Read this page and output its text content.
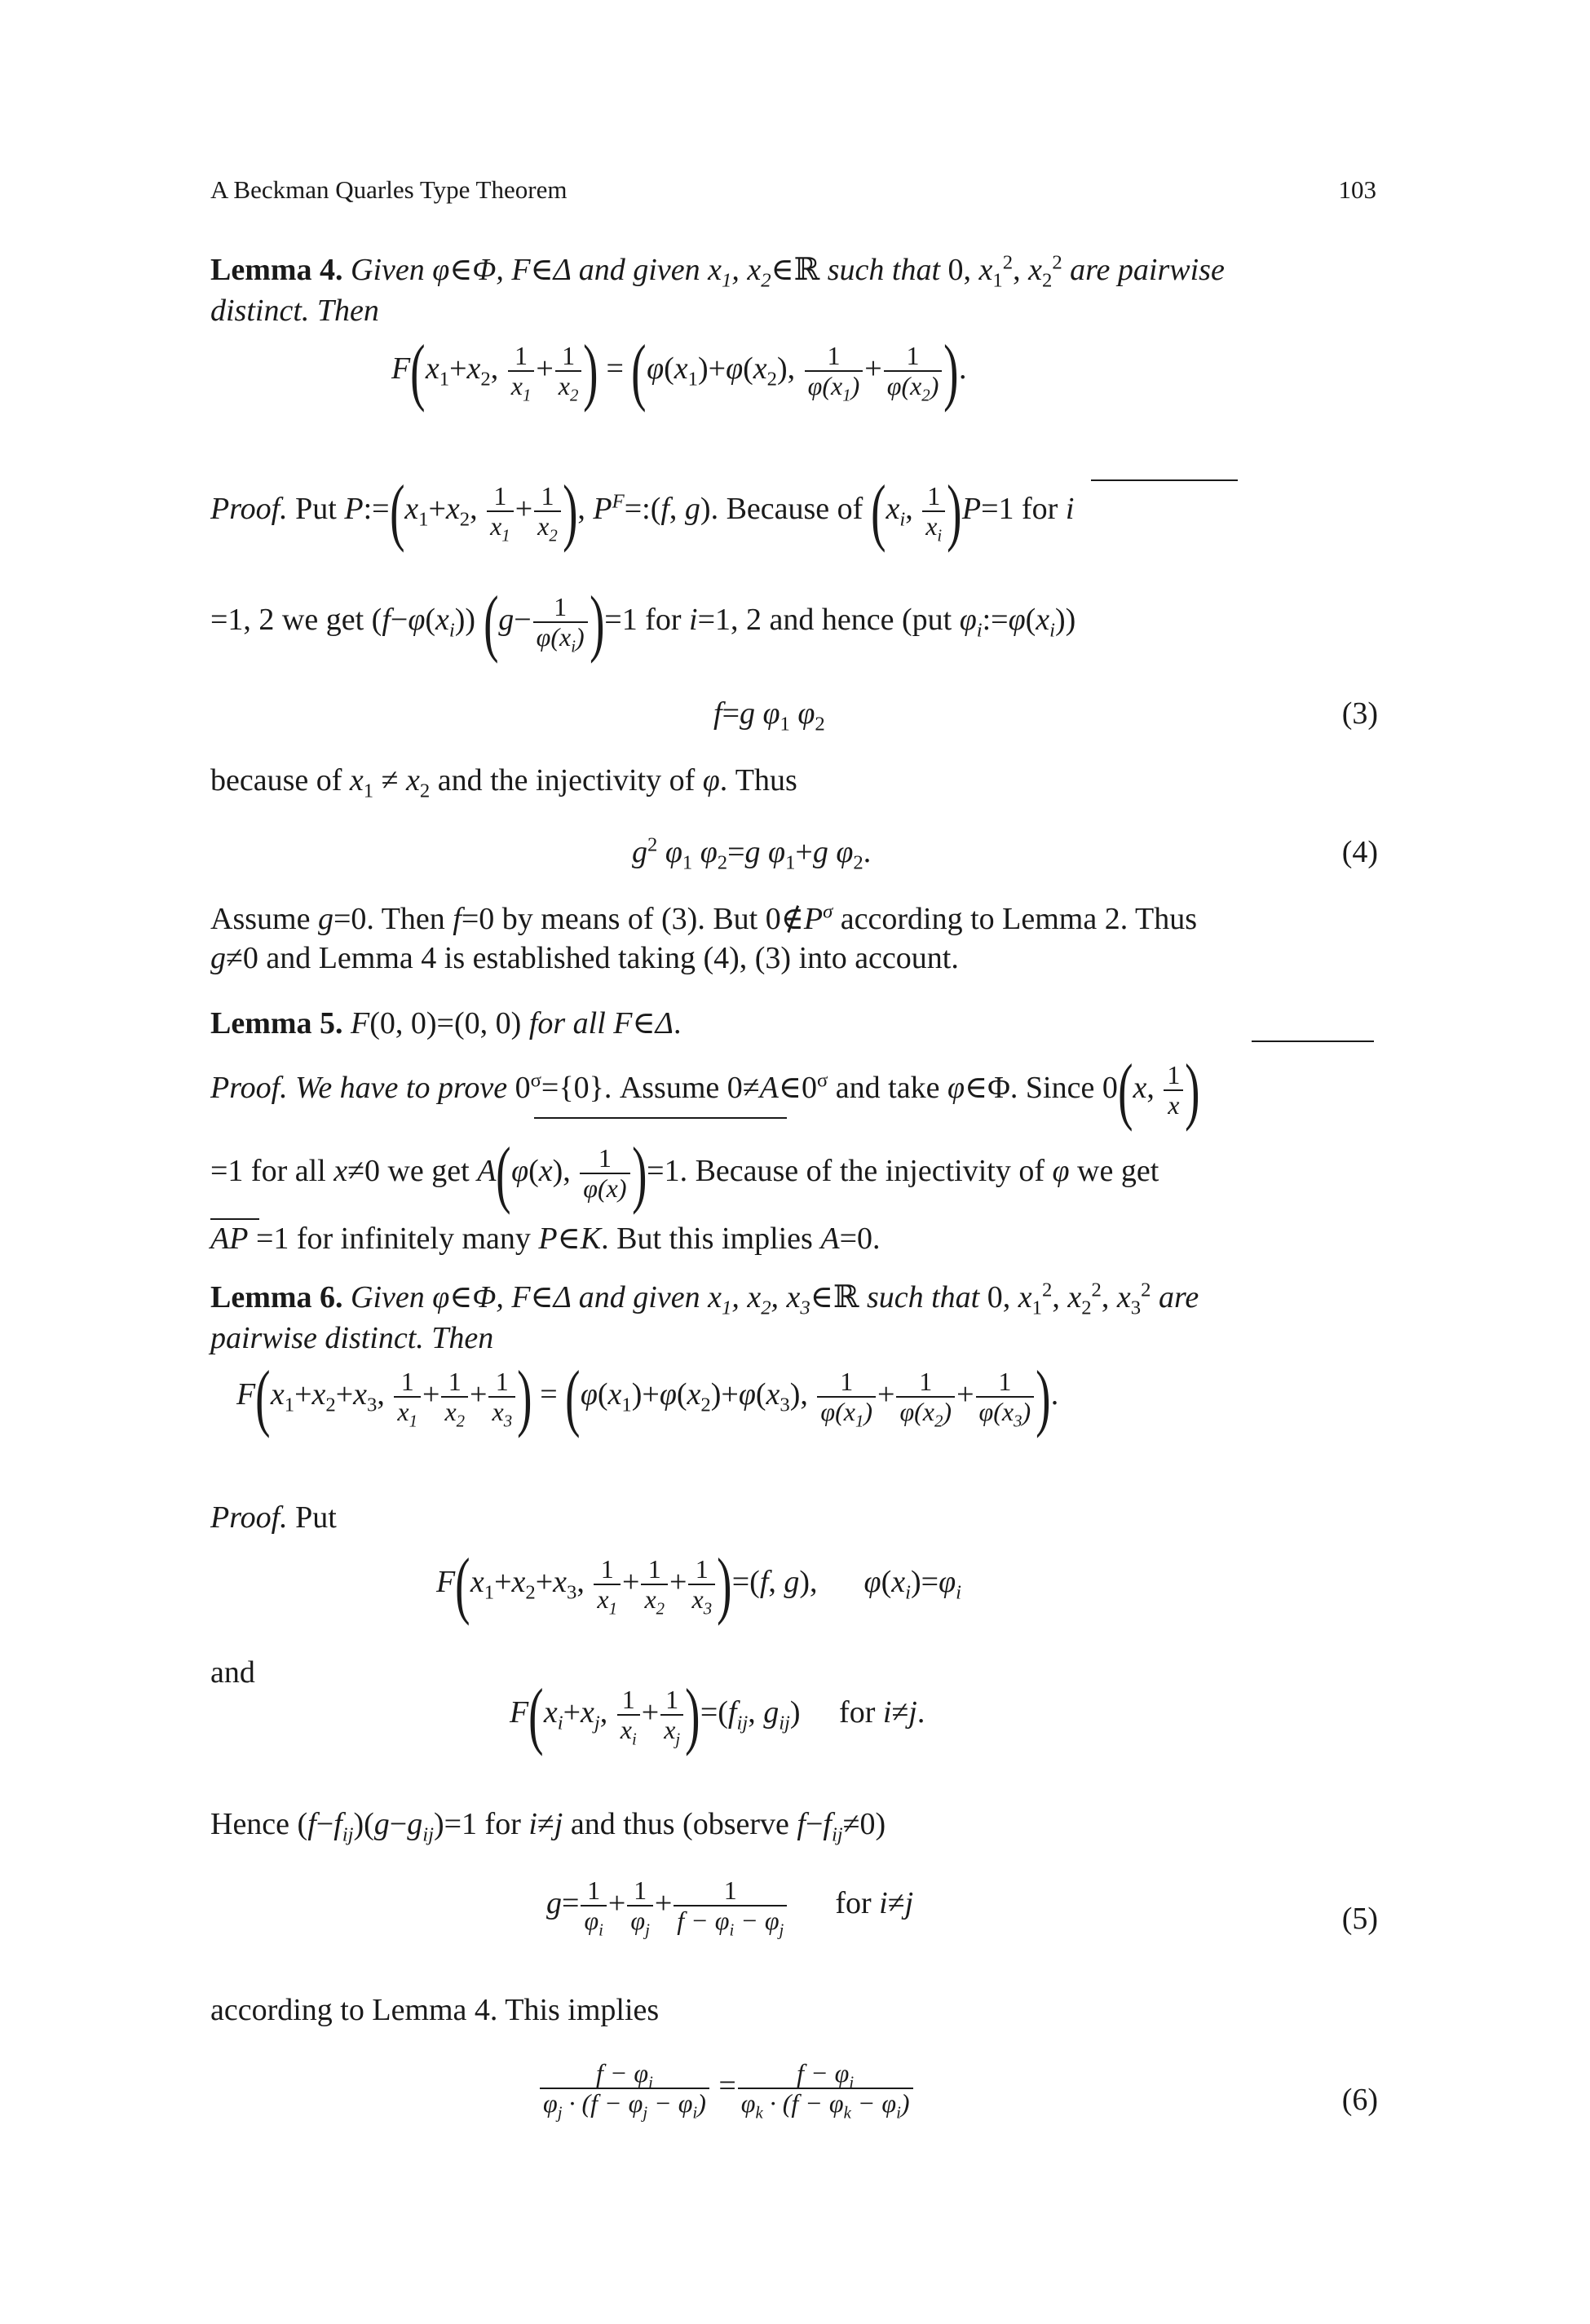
A Beckman Quarles Type Theorem	103
Lemma 4. Given φ∈Φ, F∈Δ and given $x_1$, $x_2\in ℝ$ such that 0, $x_1^2$, $x_2^2$ are pairwise
distinct. Then
$F(x_1+x_2$, $\frac{1}{x_1} + \frac{1}{x_2}$ ) = ($\varphi(x_1)+\varphi(x_2)$, $\frac{1}{\varphi(x_1)} + \frac{1}{\varphi(x_2)}$ ).
Proof. Put $P:=(x_1+x_2$, $\frac{1}{x_1} + \frac{1}{x_2}$ ), $P^F=:(f$, g). Because of ($x_i$, $\frac{1}{x_i} )P=1$ for i
=1, 2 we get $(f-\varphi(x_i))$ $(g- \frac{1}{\varphi(x_i)} )=1$ for i=1, 2 and hence (put $\varphi_i:=\varphi(x_i)$)
f=g $\varphi_1$ $\varphi_2$	(3)
because of $x_1 \ne x_2$ and the injectivity of φ. Thus
$g^2$ $\varphi_1$ $\varphi_2=g$ $\varphi_1+g$ $\varphi_2$.	(4)
Assume g=0. Then f=0 by means of (3). But $0\notin P^\sigma$ according to Lemma 2. Thus
g≠0 and Lemma 4 is established taking (4), (3) into account.
Lemma 5. F(0, 0)=(0, 0) for all F∈Δ.
Proof. We have to prove $0^\sigma=\{0\}$. Assume $0\ne A\in 0^\sigma$ and take φ∈Φ. Since 0(x, $\frac{1}{x}$ )
=1 for all x≠0 we get A(φ(x), $\frac{1}{\varphi(x)} )=1$. Because of the injectivity of φ we get
AP =1 for infinitely many P∈K. But this implies A=0.
Lemma 6. Given φ∈Φ, F∈Δ and given $x_1$, $x_2$, $x_3\in ℝ$ such that 0, $x_1^2$, $x_2^2$, $x_3^2$ are
pairwise distinct. Then
$F(x_1+x_2+x_3$, $\frac{1}{x_1} + \frac{1}{x_2} + \frac{1}{x_3}$ ) = ($\varphi(x_1)+\varphi(x_2)+\varphi(x_3)$, $\frac{1}{\varphi(x_1)} + \frac{1}{\varphi(x_2)} + \frac{1}{\varphi(x_3)}$ ).
Proof. Put
$F(x_1+x_2+x_3$, $\frac{1}{x_1} + \frac{1}{x_2} + \frac{1}{x_3} )=(f$, g),      $\varphi(x_i)=\varphi_i$
and
$F(x_i+x_j$, $\frac{1}{x_i} + \frac{1}{x_j} )=(f_{ij}$, $g_{ij}$)     for i≠j.
Hence $(f-f_{ij})(g-g_{ij})=1$ for i≠j and thus (observe $f-f_{ij}\ne 0$)
$g= \frac{1}{\varphi_i} + \frac{1}{\varphi_j} + \frac{1}{f - \varphi_i - \varphi_j}$ for i≠j	(5)
according to Lemma 4. This implies
$\frac{f - \varphi_i}{\varphi_j \cdot (f - \varphi_j - \varphi_i)} = \frac{f - \varphi_i}{\varphi_k \cdot (f - \varphi_k - \varphi_i)}$	(6)
